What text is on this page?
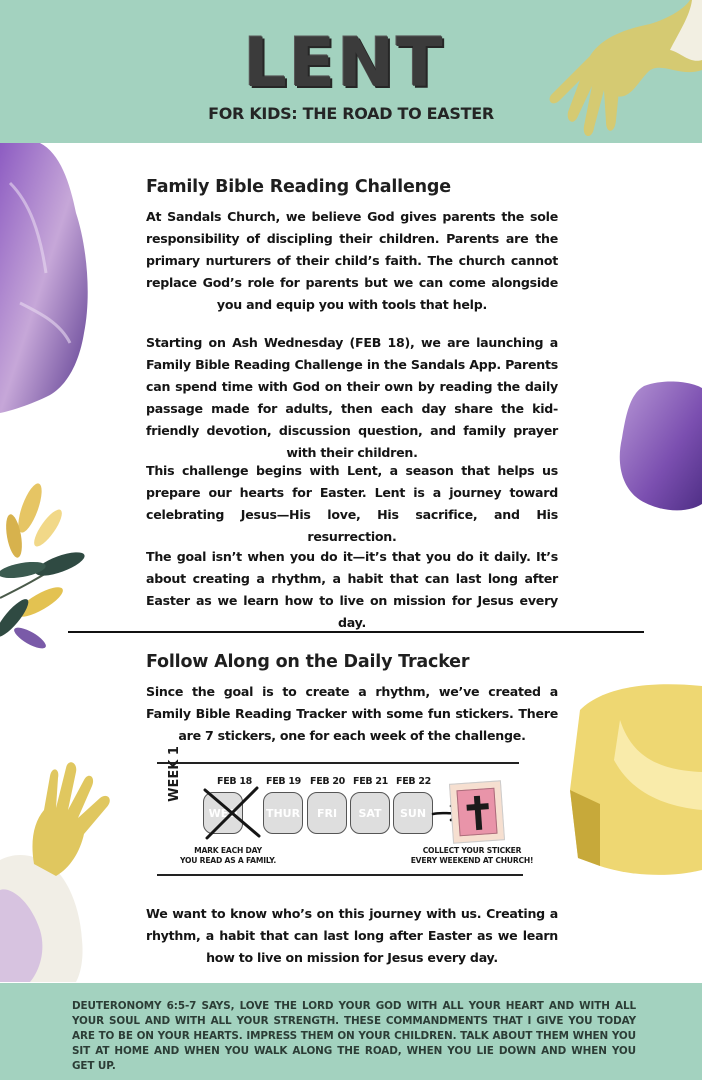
LENT
FOR KIDS: THE ROAD TO EASTER
Family Bible Reading Challenge
At Sandals Church, we believe God gives parents the sole responsibility of discipling their children. Parents are the primary nurturers of their child’s faith. The church cannot replace God’s role for parents but we can come alongside you and equip you with tools that help.
Starting on Ash Wednesday (FEB 18), we are launching a Family Bible Reading Challenge in the Sandals App. Parents can spend time with God on their own by reading the daily passage made for adults, then each day share the kid-friendly devotion, discussion question, and family prayer with their children.
This challenge begins with Lent, a season that helps us prepare our hearts for Easter. Lent is a journey toward celebrating Jesus—His love, His sacrifice, and His resurrection.
The goal isn’t when you do it—it’s that you do it daily. It’s about creating a rhythm, a habit that can last long after Easter as we learn how to live on mission for Jesus every day.
Follow Along on the Daily Tracker
Since the goal is to create a rhythm, we’ve created a Family Bible Reading Tracker with some fun stickers. There are 7 stickers, one for each week of the challenge.
WEEK 1	FEB 18 FEB 19 FEB 20 FEB 21 FEB 22
WED	THUR	FRI	SAT	SUN
MARK EACH DAY
YOU READ AS A FAMILY.
COLLECT YOUR STICKER
EVERY WEEKEND AT CHURCH!
We want to know who’s on this journey with us. Creating a rhythm, a habit that can last long after Easter as we learn how to live on mission for Jesus every day.

DEUTERONOMY 6:5-7 SAYS, LOVE THE LORD YOUR GOD WITH ALL YOUR HEART AND WITH ALL YOUR SOUL AND WITH ALL YOUR STRENGTH. THESE COMMANDMENTS THAT I GIVE YOU TODAY ARE TO BE ON YOUR HEARTS. IMPRESS THEM ON YOUR CHILDREN. TALK ABOUT THEM WHEN YOU SIT AT HOME AND WHEN YOU WALK ALONG THE ROAD, WHEN YOU LIE DOWN AND WHEN YOU GET UP.
